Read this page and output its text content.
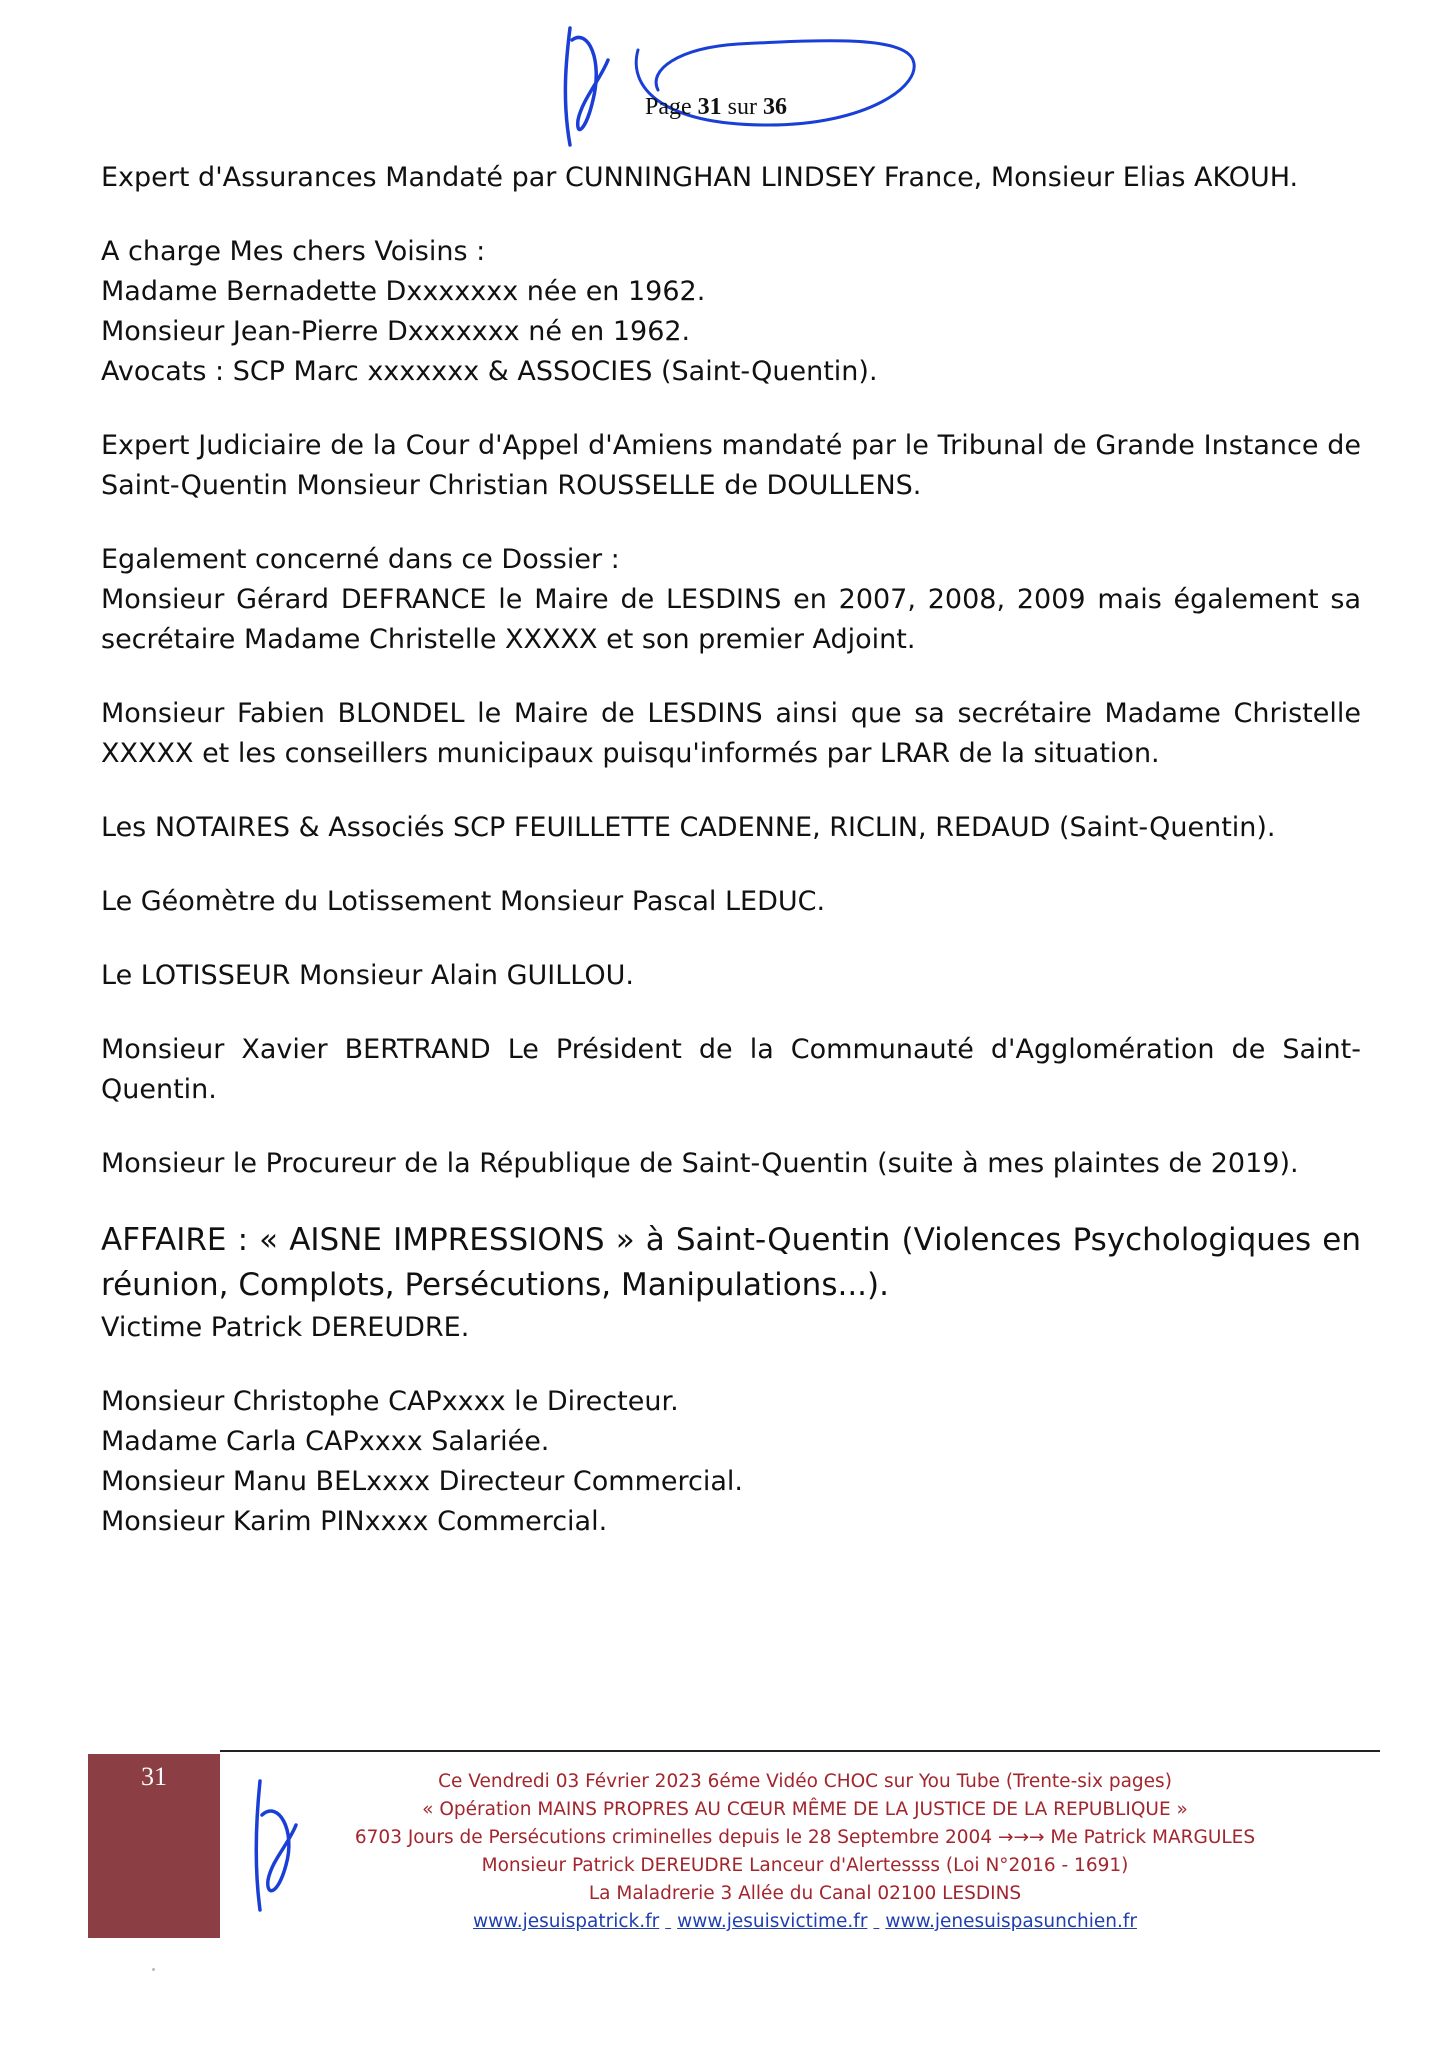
Page 31 sur 36

Expert d'Assurances Mandaté par CUNNINGHAN LINDSEY France, Monsieur Elias AKOUH.

A charge Mes chers Voisins :
Madame Bernadette Dxxxxxxx née en 1962.
Monsieur Jean-Pierre Dxxxxxxx né en 1962.
Avocats : SCP Marc xxxxxxx & ASSOCIES (Saint-Quentin).

Expert Judiciaire de la Cour d'Appel d'Amiens mandaté par le Tribunal de Grande Instance de Saint-Quentin Monsieur Christian ROUSSELLE de DOULLENS.

Egalement concerné dans ce Dossier :
Monsieur Gérard DEFRANCE le Maire de LESDINS en 2007, 2008, 2009 mais également sa secrétaire Madame Christelle XXXXX et son premier Adjoint.

Monsieur Fabien BLONDEL le Maire de LESDINS ainsi que sa secrétaire Madame Christelle XXXXX et les conseillers municipaux puisqu'informés par LRAR de la situation.

Les NOTAIRES & Associés SCP FEUILLETTE CADENNE, RICLIN, REDAUD (Saint-Quentin).

Le Géomètre du Lotissement Monsieur Pascal LEDUC.

Le LOTISSEUR Monsieur Alain GUILLOU.

Monsieur Xavier BERTRAND Le Président de la Communauté d'Agglomération de Saint-Quentin.

Monsieur le Procureur de la République de Saint-Quentin (suite à mes plaintes de 2019).

AFFAIRE : « AISNE IMPRESSIONS » à Saint-Quentin (Violences Psychologiques en réunion, Complots, Persécutions, Manipulations...).
Victime Patrick DEREUDRE.
Monsieur Christophe CAPxxxx le Directeur.
Madame Carla CAPxxxx Salariée.
Monsieur Manu BELxxxx Directeur Commercial.
Monsieur Karim PINxxxx Commercial.
31	Ce Vendredi 03 Février 2023 6éme Vidéo CHOC sur You Tube (Trente-six pages)
« Opération MAINS PROPRES AU CŒUR MÊME DE LA JUSTICE DE LA REPUBLIQUE »
6703 Jours de Persécutions criminelles depuis le 28 Septembre 2004 →→→ Me Patrick MARGULES
Monsieur Patrick DEREUDRE Lanceur d'Alertessss (Loi N°2016 - 1691)
La Maladrerie 3 Allée du Canal 02100 LESDINS
www.jesuispatrick.fr www.jesuisvictime.fr www.jenesuispasunchien.fr
